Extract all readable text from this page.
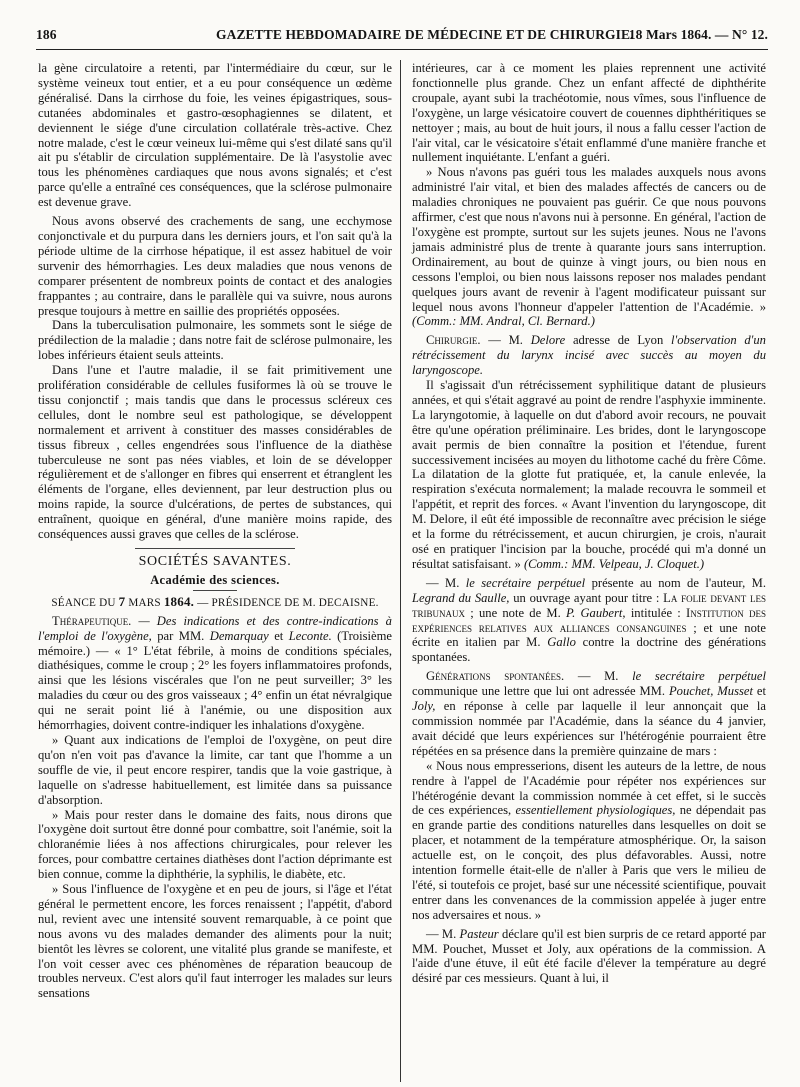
186	GAZETTE HEBDOMADAIRE DE MÉDECINE ET DE CHIRURGIE.
18 Mars 1864. — N° 12.

la gène circulatoire a retenti, par l'intermédiaire du cœur, sur le système veineux tout entier, et a eu pour conséquence un œdème généralisé. Dans la cirrhose du foie, les veines épigastriques, sous-cutanées abdominales et gastro-œsophagiennes se dilatent, et deviennent le siége d'une circulation collatérale très-active. Chez notre malade, c'est le cœur veineux lui-même qui s'est dilaté sans qu'il ait pu s'établir de circulation supplémentaire. De là l'asystolie avec tous les phénomènes cardiaques que nous avons signalés; et c'est parce qu'elle a entraîné ces conséquences, que la sclérose pulmonaire est devenue grave.

Nous avons observé des crachements de sang, une ecchymose conjonctivale et du purpura dans les derniers jours, et l'on sait qu'à la période ultime de la cirrhose hépatique, il est assez habituel de voir survenir des hémorrhagies. Les deux maladies que nous venons de comparer présentent de nombreux points de contact et des analogies frappantes ; au contraire, dans le parallèle qui va suivre, nous aurons presque toujours à mettre en saillie des propriétés opposées.

Dans la tuberculisation pulmonaire, les sommets sont le siége de prédilection de la maladie ; dans notre fait de sclérose pulmonaire, les lobes inférieurs étaient seuls atteints.

Dans l'une et l'autre maladie, il se fait primitivement une prolifération considérable de cellules fusiformes là où se trouve le tissu conjonctif ; mais tandis que dans le processus scléreux ces cellules, dont le nombre seul est pathologique, se développent normalement et arrivent à constituer des masses considérables de tissus fibreux , celles engendrées sous l'influence de la diathèse tuberculeuse ne sont pas nées viables, et loin de se développer régulièrement et de s'allonger en fibres qui enserrent et étranglent les éléments de l'organe, elles deviennent, par leur destruction plus ou moins rapide, la source d'ulcérations, de pertes de substances, qui entraînent, quoique en général, d'une manière moins rapide, des conséquences aussi graves que celles de la sclérose.

SOCIÉTÉS SAVANTES.
Académie des sciences.
SÉANCE DU 7 MARS 1864. — PRÉSIDENCE DE M. DECAISNE.

Thérapeutique. — Des indications et des contre-indications à l'emploi de l'oxygène, par MM. Demarquay et Leconte. (Troisième mémoire.) — « 1° L'état fébrile, à moins de conditions spéciales, diathésiques, comme le croup ; 2° les foyers inflammatoires profonds, ainsi que les lésions viscérales que l'on ne peut surveiller; 3° les maladies du cœur ou des gros vaisseaux ; 4° enfin un état névralgique qui ne serait point lié à l'anémie, ou une disposition aux hémorrhagies, doivent contre-indiquer les inhalations d'oxygène.

» Quant aux indications de l'emploi de l'oxygène, on peut dire qu'on n'en voit pas d'avance la limite, car tant que l'homme a un souffle de vie, il peut encore respirer, tandis que la voie gastrique, à laquelle on s'adresse habituellement, est limitée dans sa puissance d'absorption.

» Mais pour rester dans le domaine des faits, nous dirons que l'oxygène doit surtout être donné pour combattre, soit l'anémie, soit la chloranémie liées à nos affections chirurgicales, pour relever les forces, pour combattre certaines diathèses dont l'action déprimante est bien connue, comme la diphthérie, la syphilis, le diabète, etc.

» Sous l'influence de l'oxygène et en peu de jours, si l'âge et l'état général le permettent encore, les forces renaissent ; l'appétit, d'abord nul, revient avec une intensité souvent remarquable, à ce point que nous avons vu des malades demander des aliments pour la nuit; bientôt les lèvres se colorent, une vitalité plus grande se manifeste, et l'on voit cesser avec ces phénomènes de réparation beaucoup de troubles nerveux. C'est alors qu'il faut interroger les malades sur leurs sensations

intérieures, car à ce moment les plaies reprennent une activité fonctionnelle plus grande. Chez un enfant affecté de diphthérite croupale, ayant subi la trachéotomie, nous vîmes, sous l'influence de l'oxygène, un large vésicatoire couvert de couennes diphthéritiques se nettoyer ; mais, au bout de huit jours, il nous a fallu cesser l'action de l'air vital, car le vésicatoire s'était enflammé d'une manière franche et nullement inquiétante. L'enfant a guéri.

» Nous n'avons pas guéri tous les malades auxquels nous avons administré l'air vital, et bien des malades affectés de cancers ou de maladies chroniques ne pouvaient pas guérir. Ce que nous pouvons affirmer, c'est que nous n'avons nui à personne. En général, l'action de l'oxygène est prompte, surtout sur les sujets jeunes. Nous ne l'avons jamais administré plus de trente à quarante jours sans interruption. Ordinairement, au bout de quinze à vingt jours, ou bien nous en cessons l'emploi, ou bien nous laissons reposer nos malades pendant quelques jours avant de revenir à l'agent modificateur puissant sur lequel nous avons l'honneur d'appeler l'attention de l'Académie. » (Comm.: MM. Andral, Cl. Bernard.)

Chirurgie. — M. Delore adresse de Lyon l'observation d'un rétrécissement du larynx incisé avec succès au moyen du laryngoscope.

Il s'agissait d'un rétrécissement syphilitique datant de plusieurs années, et qui s'était aggravé au point de rendre l'asphyxie imminente. La laryngotomie, à laquelle on dut d'abord avoir recours, ne pouvait être qu'une opération préliminaire. Les brides, dont le laryngoscope avait permis de bien connaître la position et l'étendue, furent successivement incisées au moyen du lithotome caché du frère Côme. La dilatation de la glotte fut pratiquée, et, la canule enlevée, la respiration s'exécuta normalement; la malade recouvra le sommeil et l'appétit, et reprit des forces. « Avant l'invention du laryngoscope, dit M. Delore, il eût été impossible de reconnaître avec précision le siége et la forme du rétrécissement, et aucun chirurgien, je crois, n'aurait osé en pratiquer l'incision par la bouche, procédé qui m'a donné un résultat satisfaisant. » (Comm.: MM. Velpeau, J. Cloquet.)

— M. le secrétaire perpétuel présente au nom de l'auteur, M. Legrand du Saulle, un ouvrage ayant pour titre : La folie devant les tribunaux ; une note de M. P. Gaubert, intitulée : Institution des expériences relatives aux alliances consanguines ; et une note écrite en italien par M. Gallo contre la doctrine des générations spontanées.

Générations spontanées. — M. le secrétaire perpétuel communique une lettre que lui ont adressée MM. Pouchet, Musset et Joly, en réponse à celle par laquelle il leur annonçait que la commission nommée par l'Académie, dans la séance du 4 janvier, avait décidé que leurs expériences sur l'hétérogénie pourraient être répétées en sa présence dans la première quinzaine de mars :

« Nous nous empresserions, disent les auteurs de la lettre, de nous rendre à l'appel de l'Académie pour répéter nos expériences sur l'hétérogénie devant la commission nommée à cet effet, si le succès de ces expériences, essentiellement physiologiques, ne dépendait pas en grande partie des conditions naturelles dans lesquelles on doit se placer, et notamment de la température atmosphérique. Or, la saison actuelle est, on le conçoit, des plus défavorables. Aussi, notre intention formelle était-elle de n'aller à Paris que vers le milieu de l'été, si toutefois ce projet, basé sur une nécessité scientifique, pouvait entrer dans les convenances de la commission appelée à juger entre nos adversaires et nous. »

— M. Pasteur déclare qu'il est bien surpris de ce retard apporté par MM. Pouchet, Musset et Joly, aux opérations de la commission. A l'aide d'une étuve, il eût été facile d'élever la température au degré désiré par ces messieurs. Quant à lui, il
